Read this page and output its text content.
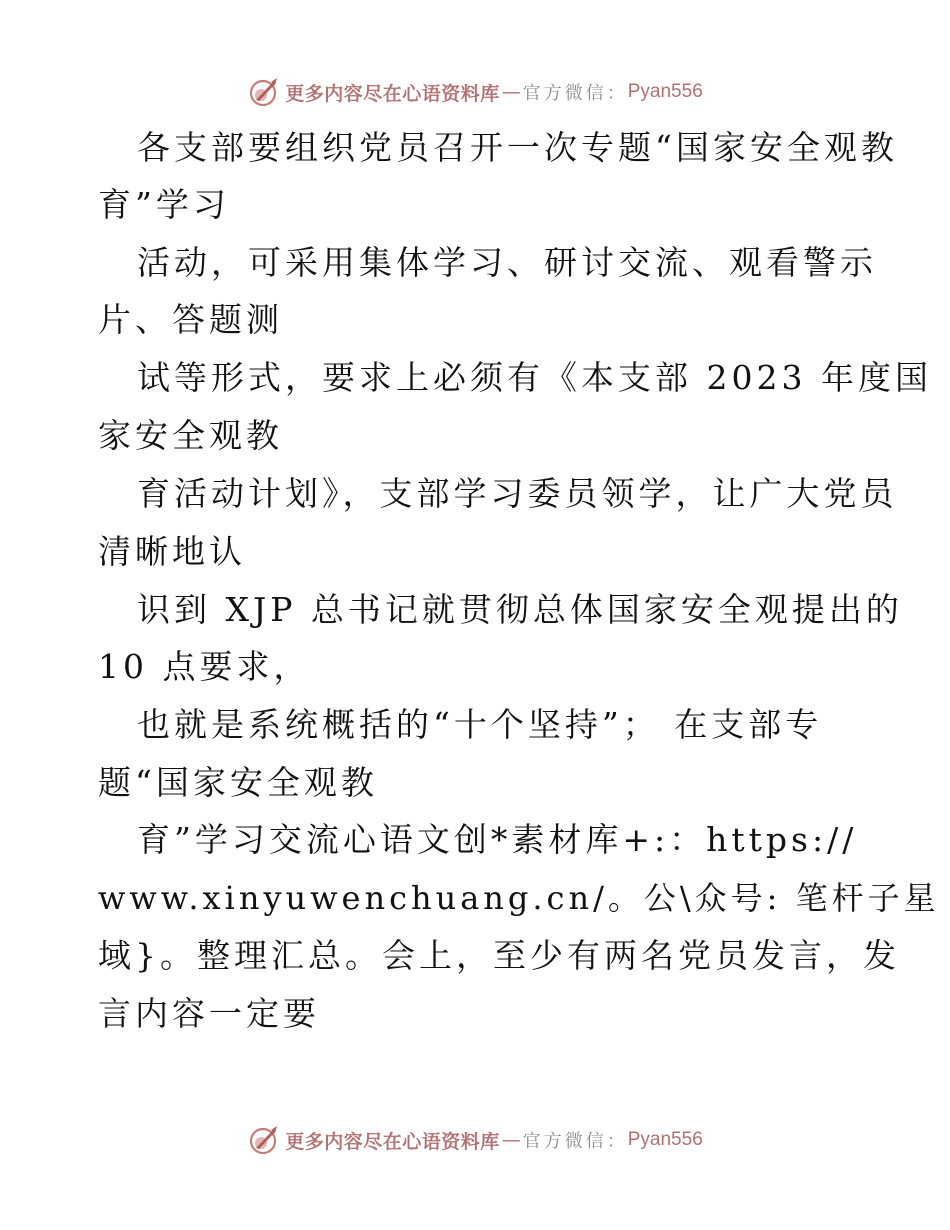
更多内容尽在心语资料库 — 官方微信： Pyan556
各支部要组织党员召开一次专题“国家安全观教
育”学习
活动，可采用集体学习、研讨交流、观看警示
片、答题测
试等形式，要求上必须有《本支部 2023 年度国
家安全观教
育活动计划》，支部学习委员领学，让广大党员
清晰地认
识到 XJP 总书记就贯彻总体国家安全观提出的
10 点要求，
也就是系统概括的“十个坚持”； 在支部专
题“国家安全观教
育”学习交流心语文创*素材库+:：https://
www.xinyuwenchuang.cn/。公\众号: 笔杆子星
域}。整理汇总。会上，至少有两名党员发言，发
言内容一定要
更多内容尽在心语资料库 — 官方微信： Pyan556
